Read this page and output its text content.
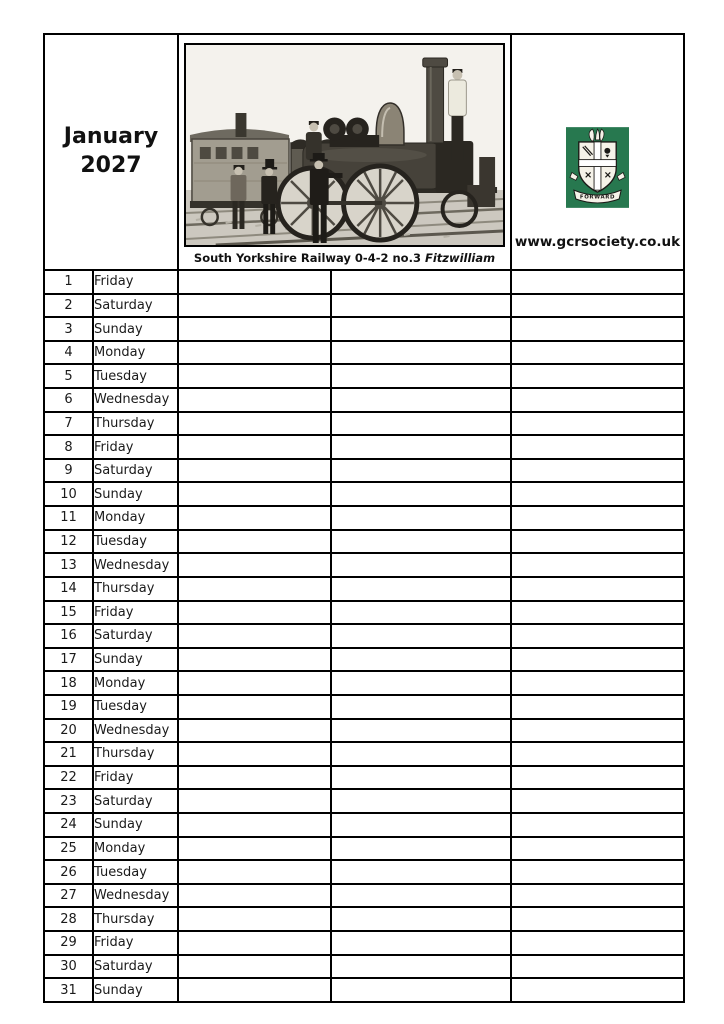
January
2027

South Yorkshire Railway 0-4-2 no.3 Fitzwilliam

FORWARD
www.gcrsociety.co.uk

1	Friday			
2	Saturday			
3	Sunday			
4	Monday			
5	Tuesday			
6	Wednesday			
7	Thursday			
8	Friday			
9	Saturday			
10	Sunday			
11	Monday			
12	Tuesday			
13	Wednesday			
14	Thursday			
15	Friday			
16	Saturday			
17	Sunday			
18	Monday			
19	Tuesday			
20	Wednesday			
21	Thursday			
22	Friday			
23	Saturday			
24	Sunday			
25	Monday			
26	Tuesday			
27	Wednesday			
28	Thursday			
29	Friday			
30	Saturday			
31	Sunday			
